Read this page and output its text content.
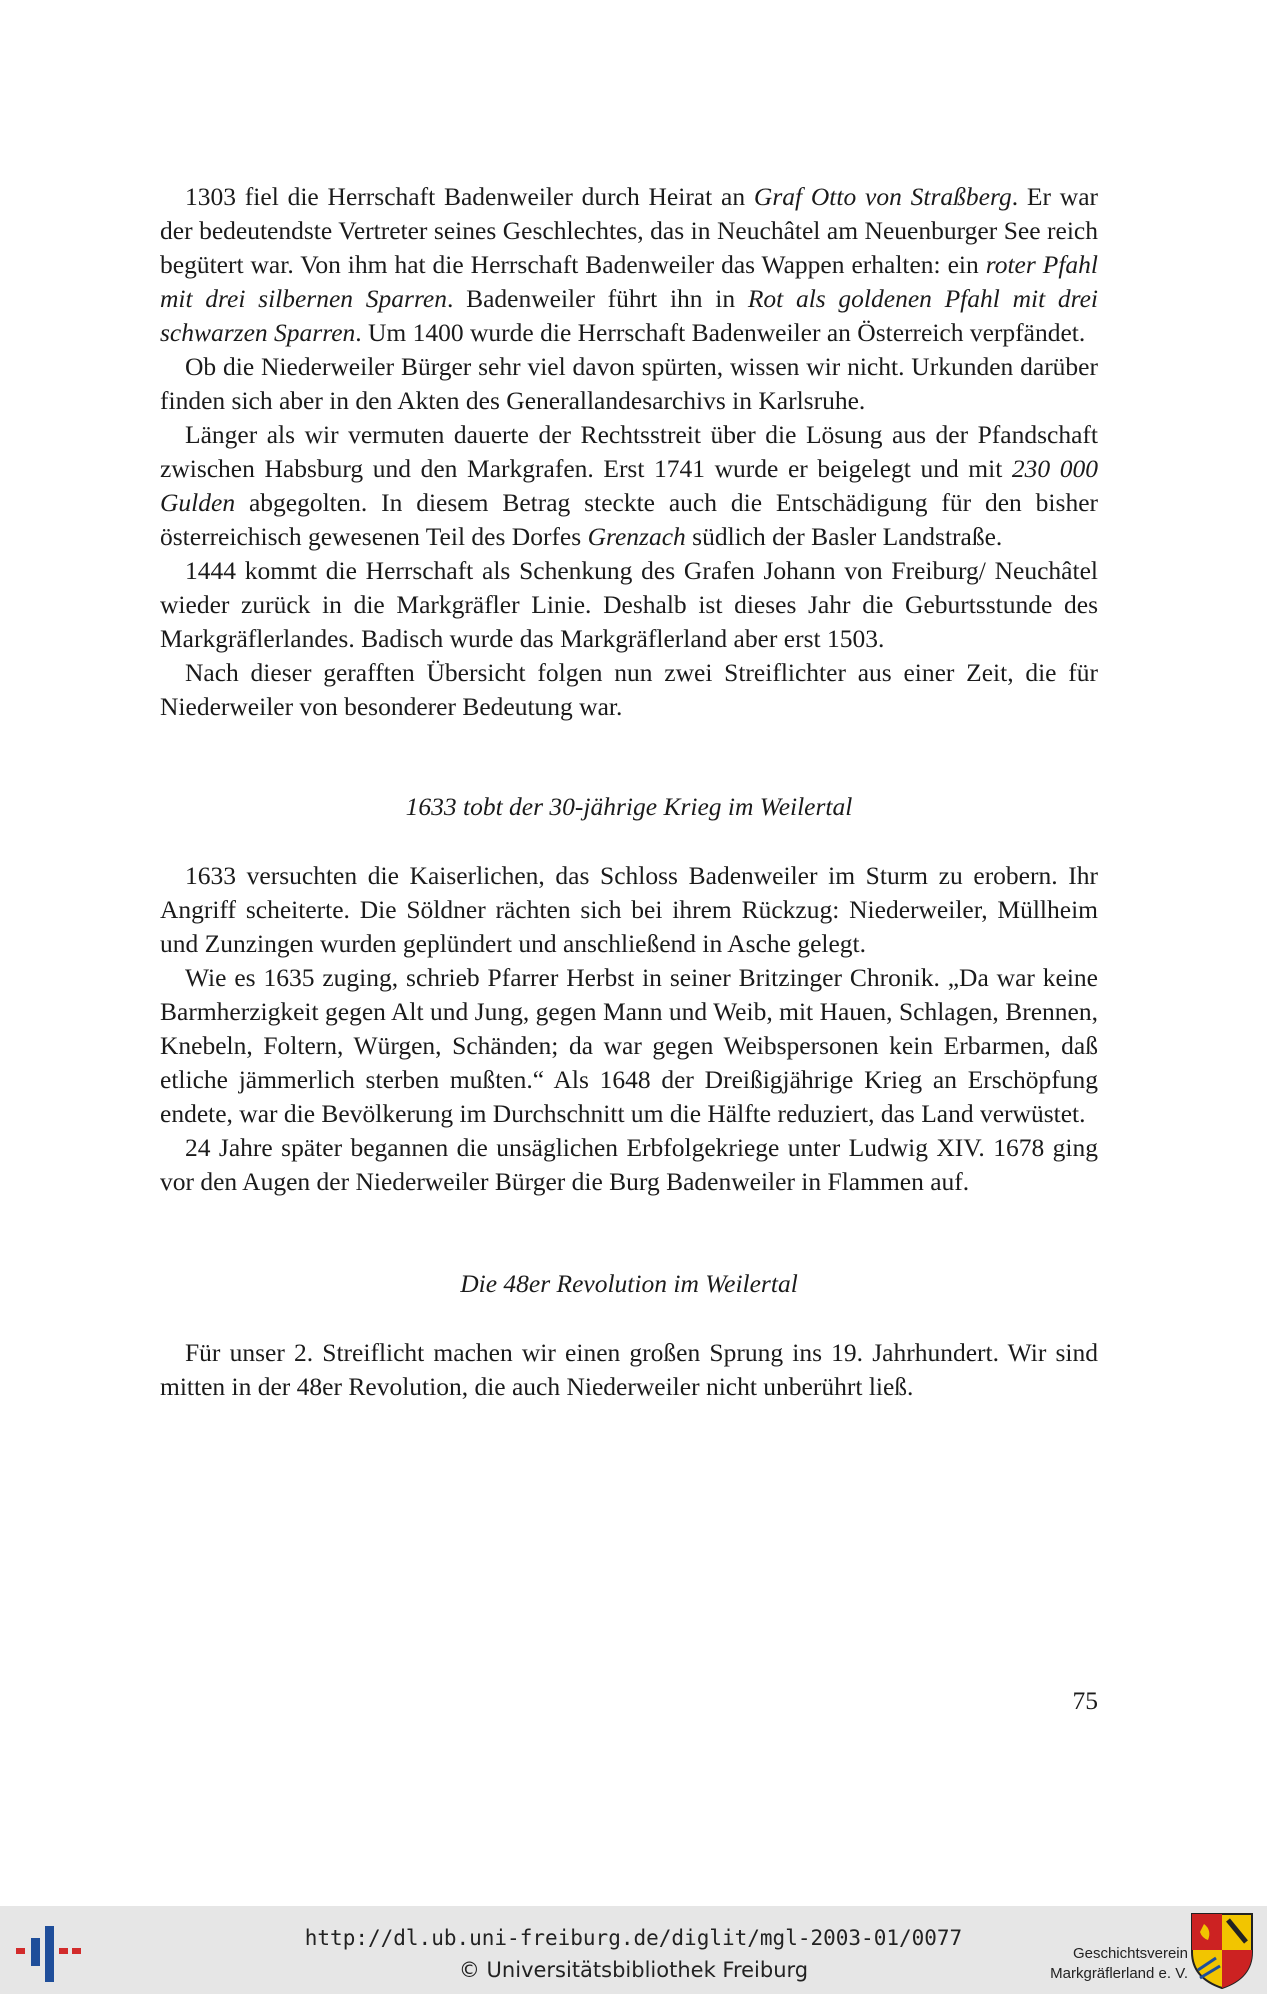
1303 fiel die Herrschaft Badenweiler durch Heirat an Graf Otto von Straßberg. Er war der bedeutendste Vertreter seines Geschlechtes, das in Neuchâtel am Neuenburger See reich begütert war. Von ihm hat die Herrschaft Badenweiler das Wappen erhalten: ein roter Pfahl mit drei silbernen Sparren. Badenweiler führt ihn in Rot als goldenen Pfahl mit drei schwarzen Sparren. Um 1400 wurde die Herrschaft Badenweiler an Österreich verpfändet.

Ob die Niederweiler Bürger sehr viel davon spürten, wissen wir nicht. Urkunden darüber finden sich aber in den Akten des Generallandesarchivs in Karlsruhe.

Länger als wir vermuten dauerte der Rechtsstreit über die Lösung aus der Pfandschaft zwischen Habsburg und den Markgrafen. Erst 1741 wurde er beigelegt und mit 230 000 Gulden abgegolten. In diesem Betrag steckte auch die Entschädigung für den bisher österreichisch gewesenen Teil des Dorfes Grenzach südlich der Basler Landstraße.

1444 kommt die Herrschaft als Schenkung des Grafen Johann von Freiburg/ Neuchâtel wieder zurück in die Markgräfler Linie. Deshalb ist dieses Jahr die Geburtsstunde des Markgräflerlandes. Badisch wurde das Markgräflerland aber erst 1503.

Nach dieser gerafften Übersicht folgen nun zwei Streiflichter aus einer Zeit, die für Niederweiler von besonderer Bedeutung war.

1633 tobt der 30-jährige Krieg im Weilertal

1633 versuchten die Kaiserlichen, das Schloss Badenweiler im Sturm zu erobern. Ihr Angriff scheiterte. Die Söldner rächten sich bei ihrem Rückzug: Niederweiler, Müllheim und Zunzingen wurden geplündert und anschließend in Asche gelegt.

Wie es 1635 zuging, schrieb Pfarrer Herbst in seiner Britzinger Chronik. „Da war keine Barmherzigkeit gegen Alt und Jung, gegen Mann und Weib, mit Hauen, Schlagen, Brennen, Knebeln, Foltern, Würgen, Schänden; da war gegen Weibspersonen kein Erbarmen, daß etliche jämmerlich sterben mußten.“ Als 1648 der Dreißigjährige Krieg an Erschöpfung endete, war die Bevölkerung im Durchschnitt um die Hälfte reduziert, das Land verwüstet.

24 Jahre später begannen die unsäglichen Erbfolgekriege unter Ludwig XIV. 1678 ging vor den Augen der Niederweiler Bürger die Burg Badenweiler in Flammen auf.

Die 48er Revolution im Weilertal

Für unser 2. Streiflicht machen wir einen großen Sprung ins 19. Jahrhundert. Wir sind mitten in der 48er Revolution, die auch Niederweiler nicht unberührt ließ.

75
http://dl.ub.uni-freiburg.de/diglit/mgl-2003-01/0077
© Universitätsbibliothek Freiburg
Geschichtsverein
Markgräflerland e. V.
